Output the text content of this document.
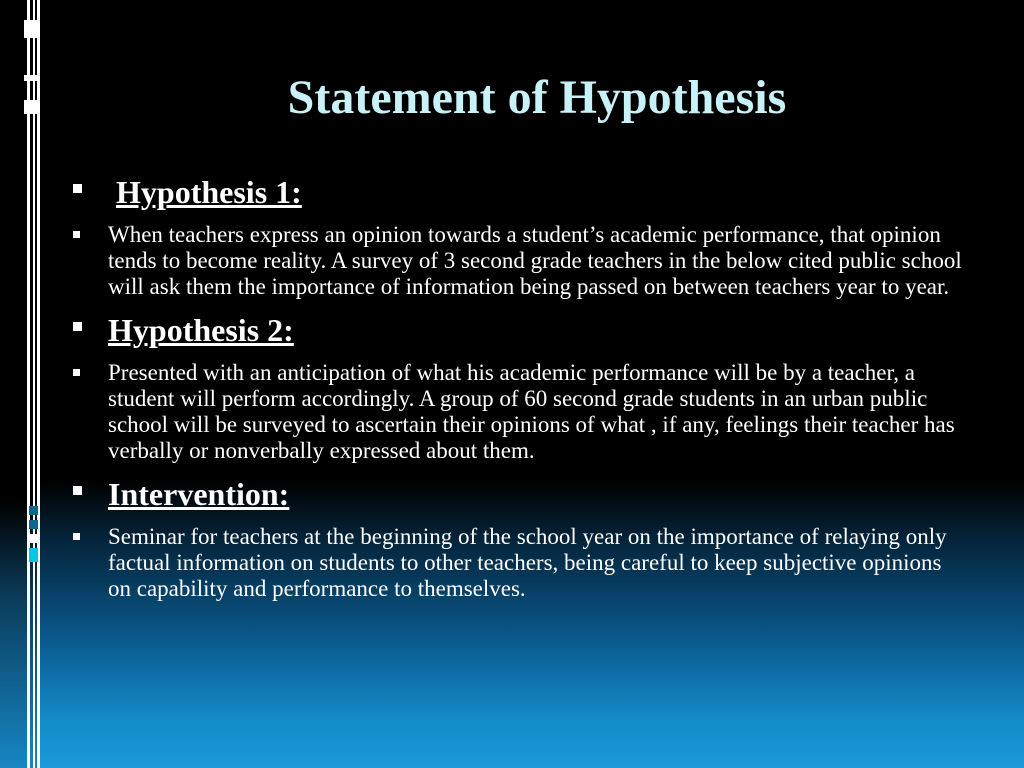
Statement of Hypothesis
Hypothesis 1:
When teachers express an opinion towards a student’s academic performance, that opinion tends to become reality. A survey of 3 second grade teachers in the below cited public school will ask them the importance of information being passed on between teachers year to year.
Hypothesis 2:
Presented with an anticipation of what his academic performance will be by a teacher, a student will perform accordingly. A group of 60 second grade students in an urban public school will be surveyed to ascertain their opinions of what , if any, feelings their teacher has verbally or nonverbally expressed about them.
Intervention:
Seminar for teachers at the beginning of the school year on the importance of relaying only factual information on students to other teachers, being careful to keep subjective opinions on capability and performance to themselves.
